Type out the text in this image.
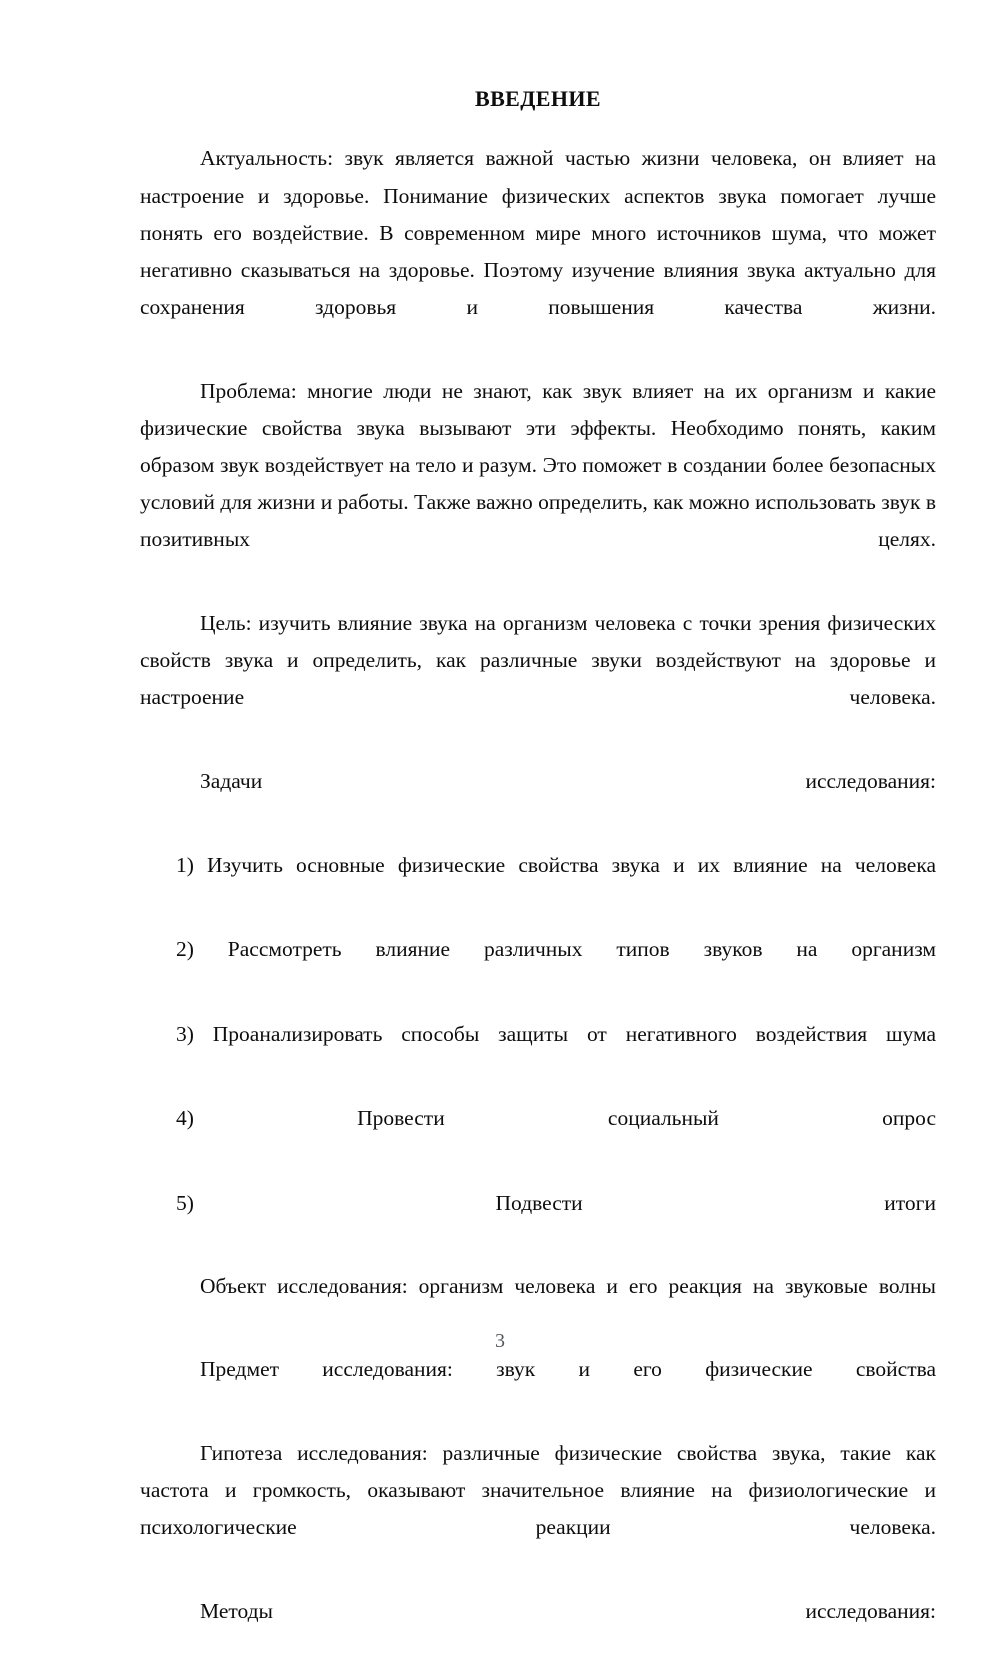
ВВЕДЕНИЕ

Актуальность: звук является важной частью жизни человека, он влияет на настроение и здоровье. Понимание физических аспектов звука помогает лучше понять его воздействие. В современном мире много источников шума, что может негативно сказываться на здоровье. Поэтому изучение влияния звука актуально для сохранения здоровья и повышения качества жизни.

Проблема: многие люди не знают, как звук влияет на их организм и какие физические свойства звука вызывают эти эффекты. Необходимо понять, каким образом звук воздействует на тело и разум. Это поможет в создании более безопасных условий для жизни и работы. Также важно определить, как можно использовать звук в позитивных целях.

Цель: изучить влияние звука на организм человека с точки зрения физических свойств звука и определить, как различные звуки воздействуют на здоровье и настроение человека.

Задачи исследования:

1) Изучить основные физические свойства звука и их влияние на человека

2) Рассмотреть влияние различных типов звуков на организм

3) Проанализировать способы защиты от негативного воздействия шума

4) Провести социальный опрос

5) Подвести итоги

Объект исследования: организм человека и его реакция на звуковые волны

Предмет исследования: звук и его физические свойства

Гипотеза исследования: различные физические свойства звука, такие как частота и громкость, оказывают значительное влияние на физиологические и психологические реакции человека.

Методы исследования:

3
